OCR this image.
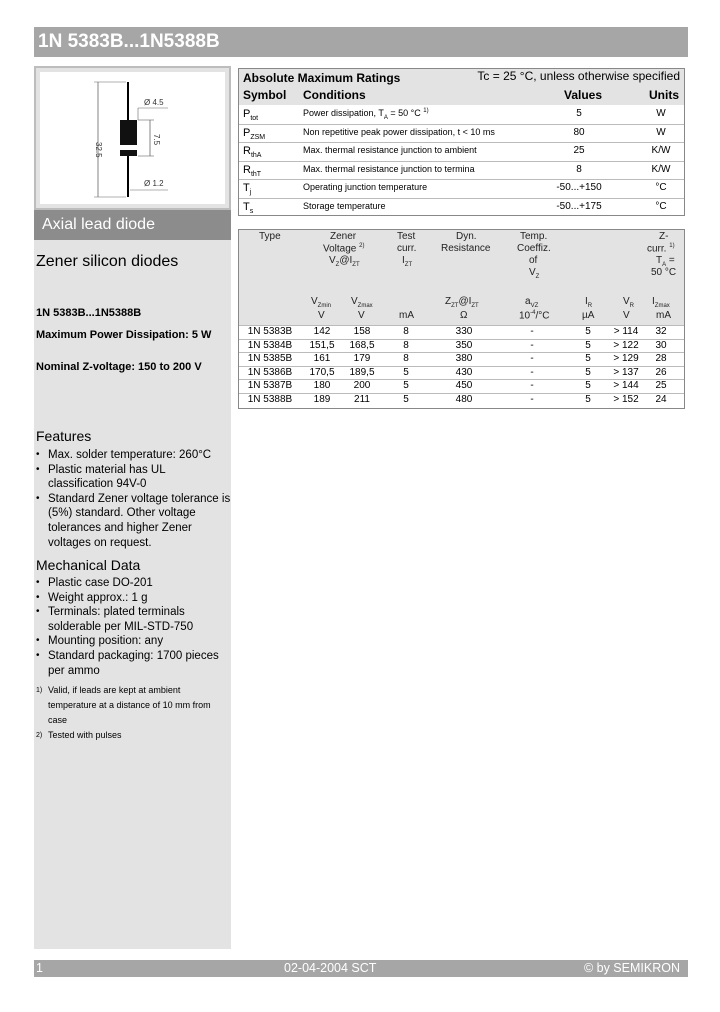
1N 5383B...1N5388B
Ø 4.5
32.5
7.5
Ø 1.2
Axial lead diode
Zener silicon diodes
1N 5383B...1N5388B
Maximum Power Dissipation: 5 W
Nominal Z-voltage: 150 to 200 V
Features
• Max. solder temperature: 260°C
• Plastic material has UL classification 94V-0
• Standard Zener voltage tolerance is (5%) standard. Other voltage tolerances and higher Zener voltages on request.
Mechanical Data
• Plastic case DO-201
• Weight approx.: 1 g
• Terminals: plated terminals solderable per MIL-STD-750
• Mounting position: any
• Standard packaging: 1700 pieces per ammo
1) Valid, if leads are kept at ambient temperature at a distance of 10 mm from case
2) Tested with pulses
Absolute Maximum Ratings	Tc = 25 °C, unless otherwise specified
Symbol Conditions	Values	Units
$P_{tot}$
Power dissipation, $T_A = 50$ °C $^{1)}$	5	W
$P_{ZSM}$
Non repetitive peak power dissipation, t < 10 ms	80	W
$R_{thA}$
Max. thermal resistance junction to ambient	25	K/W
$R_{thT}$
Max. thermal resistance junction to termina	8	K/W
$T_j$
Operating junction temperature	-50...+150	°C
$T_s$
Storage temperature	-50...+175	°C
Type	Zener
Voltage $^{2)}$
$V_Z@I_{ZT}$
Test
curr.
$I_{ZT}$
Dyn.
Resistance
Temp.
Coeffiz.
of
$V_Z$
Z-
curr. $^{1)}$
$T_A$ =
50 °C
$V_{Zmin}$ $V_{Zmax}$	$Z_{ZT}@I_{ZT}$	$a_{VZ}$	$I_R$	$V_R$ $I_{Zmax}$
V	V	mA	Ω	$10^{-4}/^\circ C$	µA	V	mA
1N 5383B	142	158	8	330	-	5	> 114	32
1N 5384B	151,5	168,5	8	350	-	5	> 122	30
1N 5385B	161	179	8	380	-	5	> 129	28
1N 5386B	170,5	189,5	5	430	-	5	> 137	26
1N 5387B	180	200	5	450	-	5	> 144	25
1N 5388B	189	211	5	480	-	5	> 152	24
1	02-04-2004 SCT	© by SEMIKRON
